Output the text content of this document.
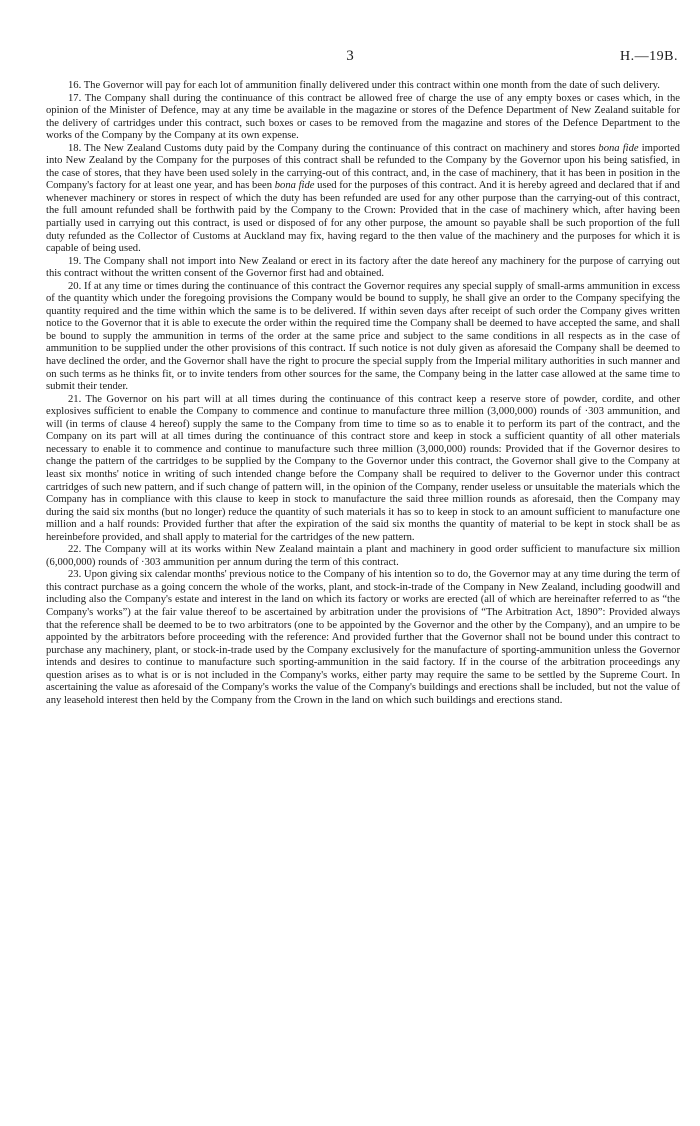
3	H.—19B.

16. The Governor will pay for each lot of ammunition finally delivered under this contract within one month from the date of such delivery.

17. The Company shall during the continuance of this contract be allowed free of charge the use of any empty boxes or cases which, in the opinion of the Minister of Defence, may at any time be available in the magazine or stores of the Defence Department of New Zealand suitable for the delivery of cartridges under this contract, such boxes or cases to be removed from the magazine and stores of the Defence Department to the works of the Company by the Company at its own expense.

18. The New Zealand Customs duty paid by the Company during the continuance of this contract on machinery and stores bona fide imported into New Zealand by the Company for the purposes of this contract shall be refunded to the Company by the Governor upon his being satisfied, in the case of stores, that they have been used solely in the carrying-out of this contract, and, in the case of machinery, that it has been in position in the Company's factory for at least one year, and has been bona fide used for the purposes of this contract. And it is hereby agreed and declared that if and whenever machinery or stores in respect of which the duty has been refunded are used for any other purpose than the carrying-out of this contract, the full amount refunded shall be forthwith paid by the Company to the Crown: Provided that in the case of machinery which, after having been partially used in carrying out this contract, is used or disposed of for any other purpose, the amount so payable shall be such proportion of the full duty refunded as the Collector of Customs at Auckland may fix, having regard to the then value of the machinery and the purposes for which it is capable of being used.

19. The Company shall not import into New Zealand or erect in its factory after the date hereof any machinery for the purpose of carrying out this contract without the written consent of the Governor first had and obtained.

20. If at any time or times during the continuance of this contract the Governor requires any special supply of small-arms ammunition in excess of the quantity which under the foregoing provisions the Company would be bound to supply, he shall give an order to the Company specifying the quantity required and the time within which the same is to be delivered. If within seven days after receipt of such order the Company gives written notice to the Governor that it is able to execute the order within the required time the Company shall be deemed to have accepted the same, and shall be bound to supply the ammunition in terms of the order at the same price and subject to the same conditions in all respects as in the case of ammunition to be supplied under the other provisions of this contract. If such notice is not duly given as aforesaid the Company shall be deemed to have declined the order, and the Governor shall have the right to procure the special supply from the Imperial military authorities in such manner and on such terms as he thinks fit, or to invite tenders from other sources for the same, the Company being in the latter case allowed at the same time to submit their tender.

21. The Governor on his part will at all times during the continuance of this contract keep a reserve store of powder, cordite, and other explosives sufficient to enable the Company to commence and continue to manufacture three million (3,000,000) rounds of ·303 ammunition, and will (in terms of clause 4 hereof) supply the same to the Company from time to time so as to enable it to perform its part of the contract, and the Company on its part will at all times during the continuance of this contract store and keep in stock a sufficient quantity of all other materials necessary to enable it to commence and continue to manufacture such three million (3,000,000) rounds: Provided that if the Governor desires to change the pattern of the cartridges to be supplied by the Company to the Governor under this contract, the Governor shall give to the Company at least six months' notice in writing of such intended change before the Company shall be required to deliver to the Governor under this contract cartridges of such new pattern, and if such change of pattern will, in the opinion of the Company, render useless or unsuitable the materials which the Company has in compliance with this clause to keep in stock to manufacture the said three million rounds as aforesaid, then the Company may during the said six months (but no longer) reduce the quantity of such materials it has so to keep in stock to an amount sufficient to manufacture one million and a half rounds: Provided further that after the expiration of the said six months the quantity of material to be kept in stock shall be as hereinbefore provided, and shall apply to material for the cartridges of the new pattern.

22. The Company will at its works within New Zealand maintain a plant and machinery in good order sufficient to manufacture six million (6,000,000) rounds of ·303 ammunition per annum during the term of this contract.

23. Upon giving six calendar months' previous notice to the Company of his intention so to do, the Governor may at any time during the term of this contract purchase as a going concern the whole of the works, plant, and stock-in-trade of the Company in New Zealand, including goodwill and including also the Company's estate and interest in the land on which its factory or works are erected (all of which are hereinafter referred to as “the Company's works”) at the fair value thereof to be ascertained by arbitration under the provisions of “The Arbitration Act, 1890”: Provided always that the reference shall be deemed to be to two arbitrators (one to be appointed by the Governor and the other by the Company), and an umpire to be appointed by the arbitrators before proceeding with the reference: And provided further that the Governor shall not be bound under this contract to purchase any machinery, plant, or stock-in-trade used by the Company exclusively for the manufacture of sporting-ammunition unless the Governor intends and desires to continue to manufacture such sporting-ammunition in the said factory. If in the course of the arbitration proceedings any question arises as to what is or is not included in the Company's works, either party may require the same to be settled by the Supreme Court. In ascertaining the value as aforesaid of the Company's works the value of the Company's buildings and erections shall be included, but not the value of any leasehold interest then held by the Company from the Crown in the land on which such buildings and erections stand.
